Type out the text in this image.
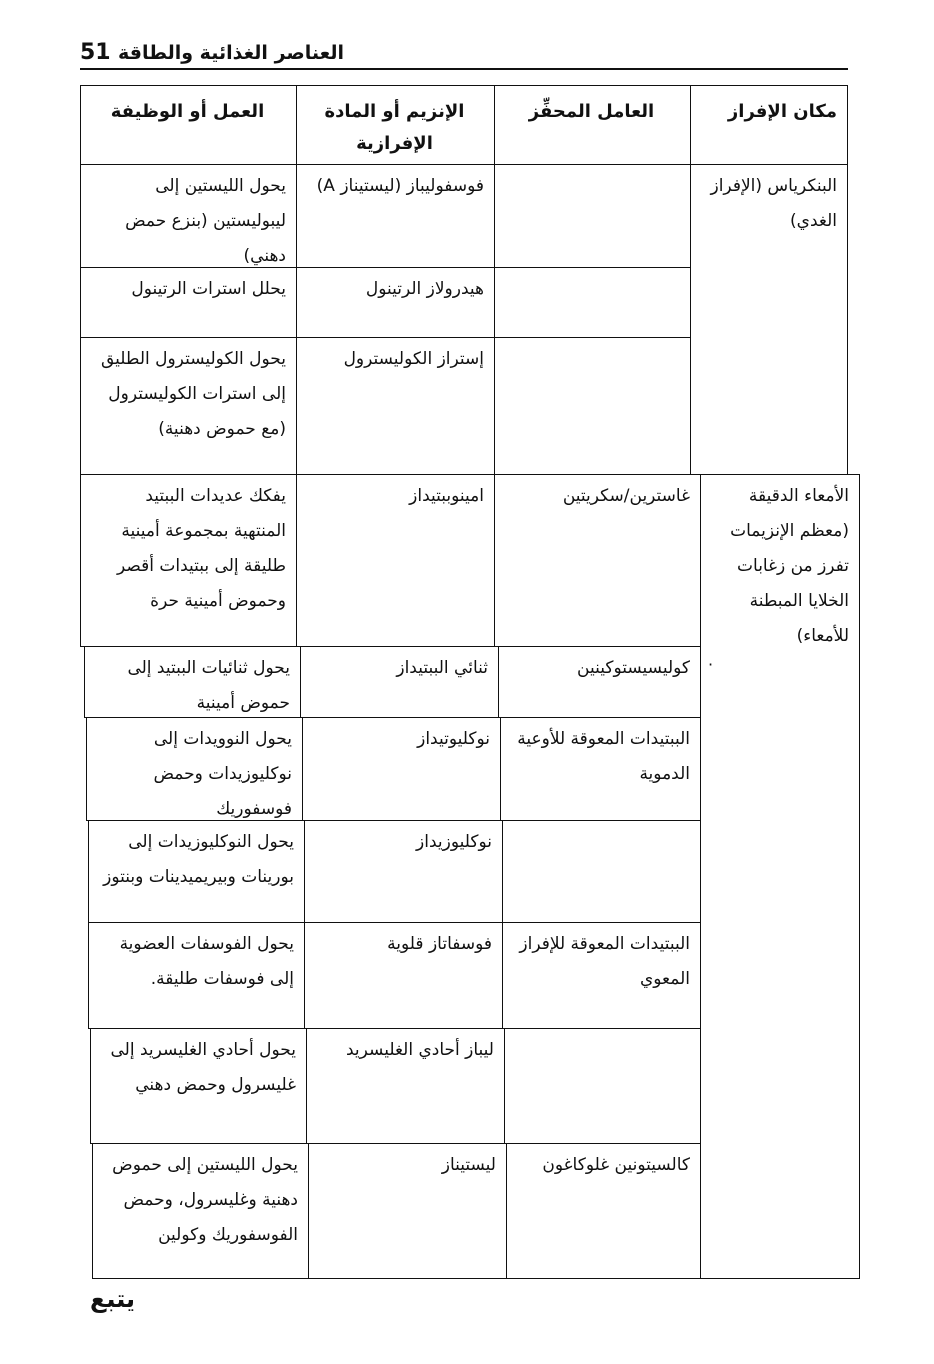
51 العناصر الغذائية والطاقة
مكان الإفراز
العامل المحفِّز
الإنزيم أو المادة الإفرازية
العمل أو الوظيفة
البنكرياس (الإفراز الغدي)
الأمعاء الدقيقة (معظم الإنزيمات تفرز من زغابات الخلايا المبطنة للأمعاء)
فوسفوليباز (ليستيناز A)
يحول الليستين إلى ليبوليستين (بنزع حمض دهني)
هيدرولاز الرتينول
يحلل استرات الرتينول
إستراز الكوليسترول
يحول الكوليسترول الطليق إلى استرات الكوليسترول (مع حموض دهنية)
غاسترين/سكريتين
امينوببتيداز
يفكك عديدات الببتيد المنتهية بمجموعة أمينية طليقة إلى ببتيدات أقصر وحموض أمينية حرة
كوليسيستوكينين
ثنائي الببتيداز
يحول ثنائيات الببتيد إلى حموض أمينية
الببتيدات المعوقة للأوعية الدموية
نوكليوتيداز
يحول النوويدات إلى نوكليوزيدات وحمض فوسفوريك
نوكليوزيداز
يحول النوكليوزيدات إلى بورينات وبيريميدينات وبنتوز
الببتيدات المعوقة للإفراز المعوي
فوسفاتاز قلوية
يحول الفوسفات العضوية إلى فوسفات طليقة.
ليباز أحادي الغليسريد
يحول أحادي الغليسريد إلى غليسرول وحمض دهني
كالسيتونين غلوكاغون
ليستيناز
يحول الليستين إلى حموض دهنية وغليسرول، وحمض الفوسفوريك وكولين
·
يتبع
